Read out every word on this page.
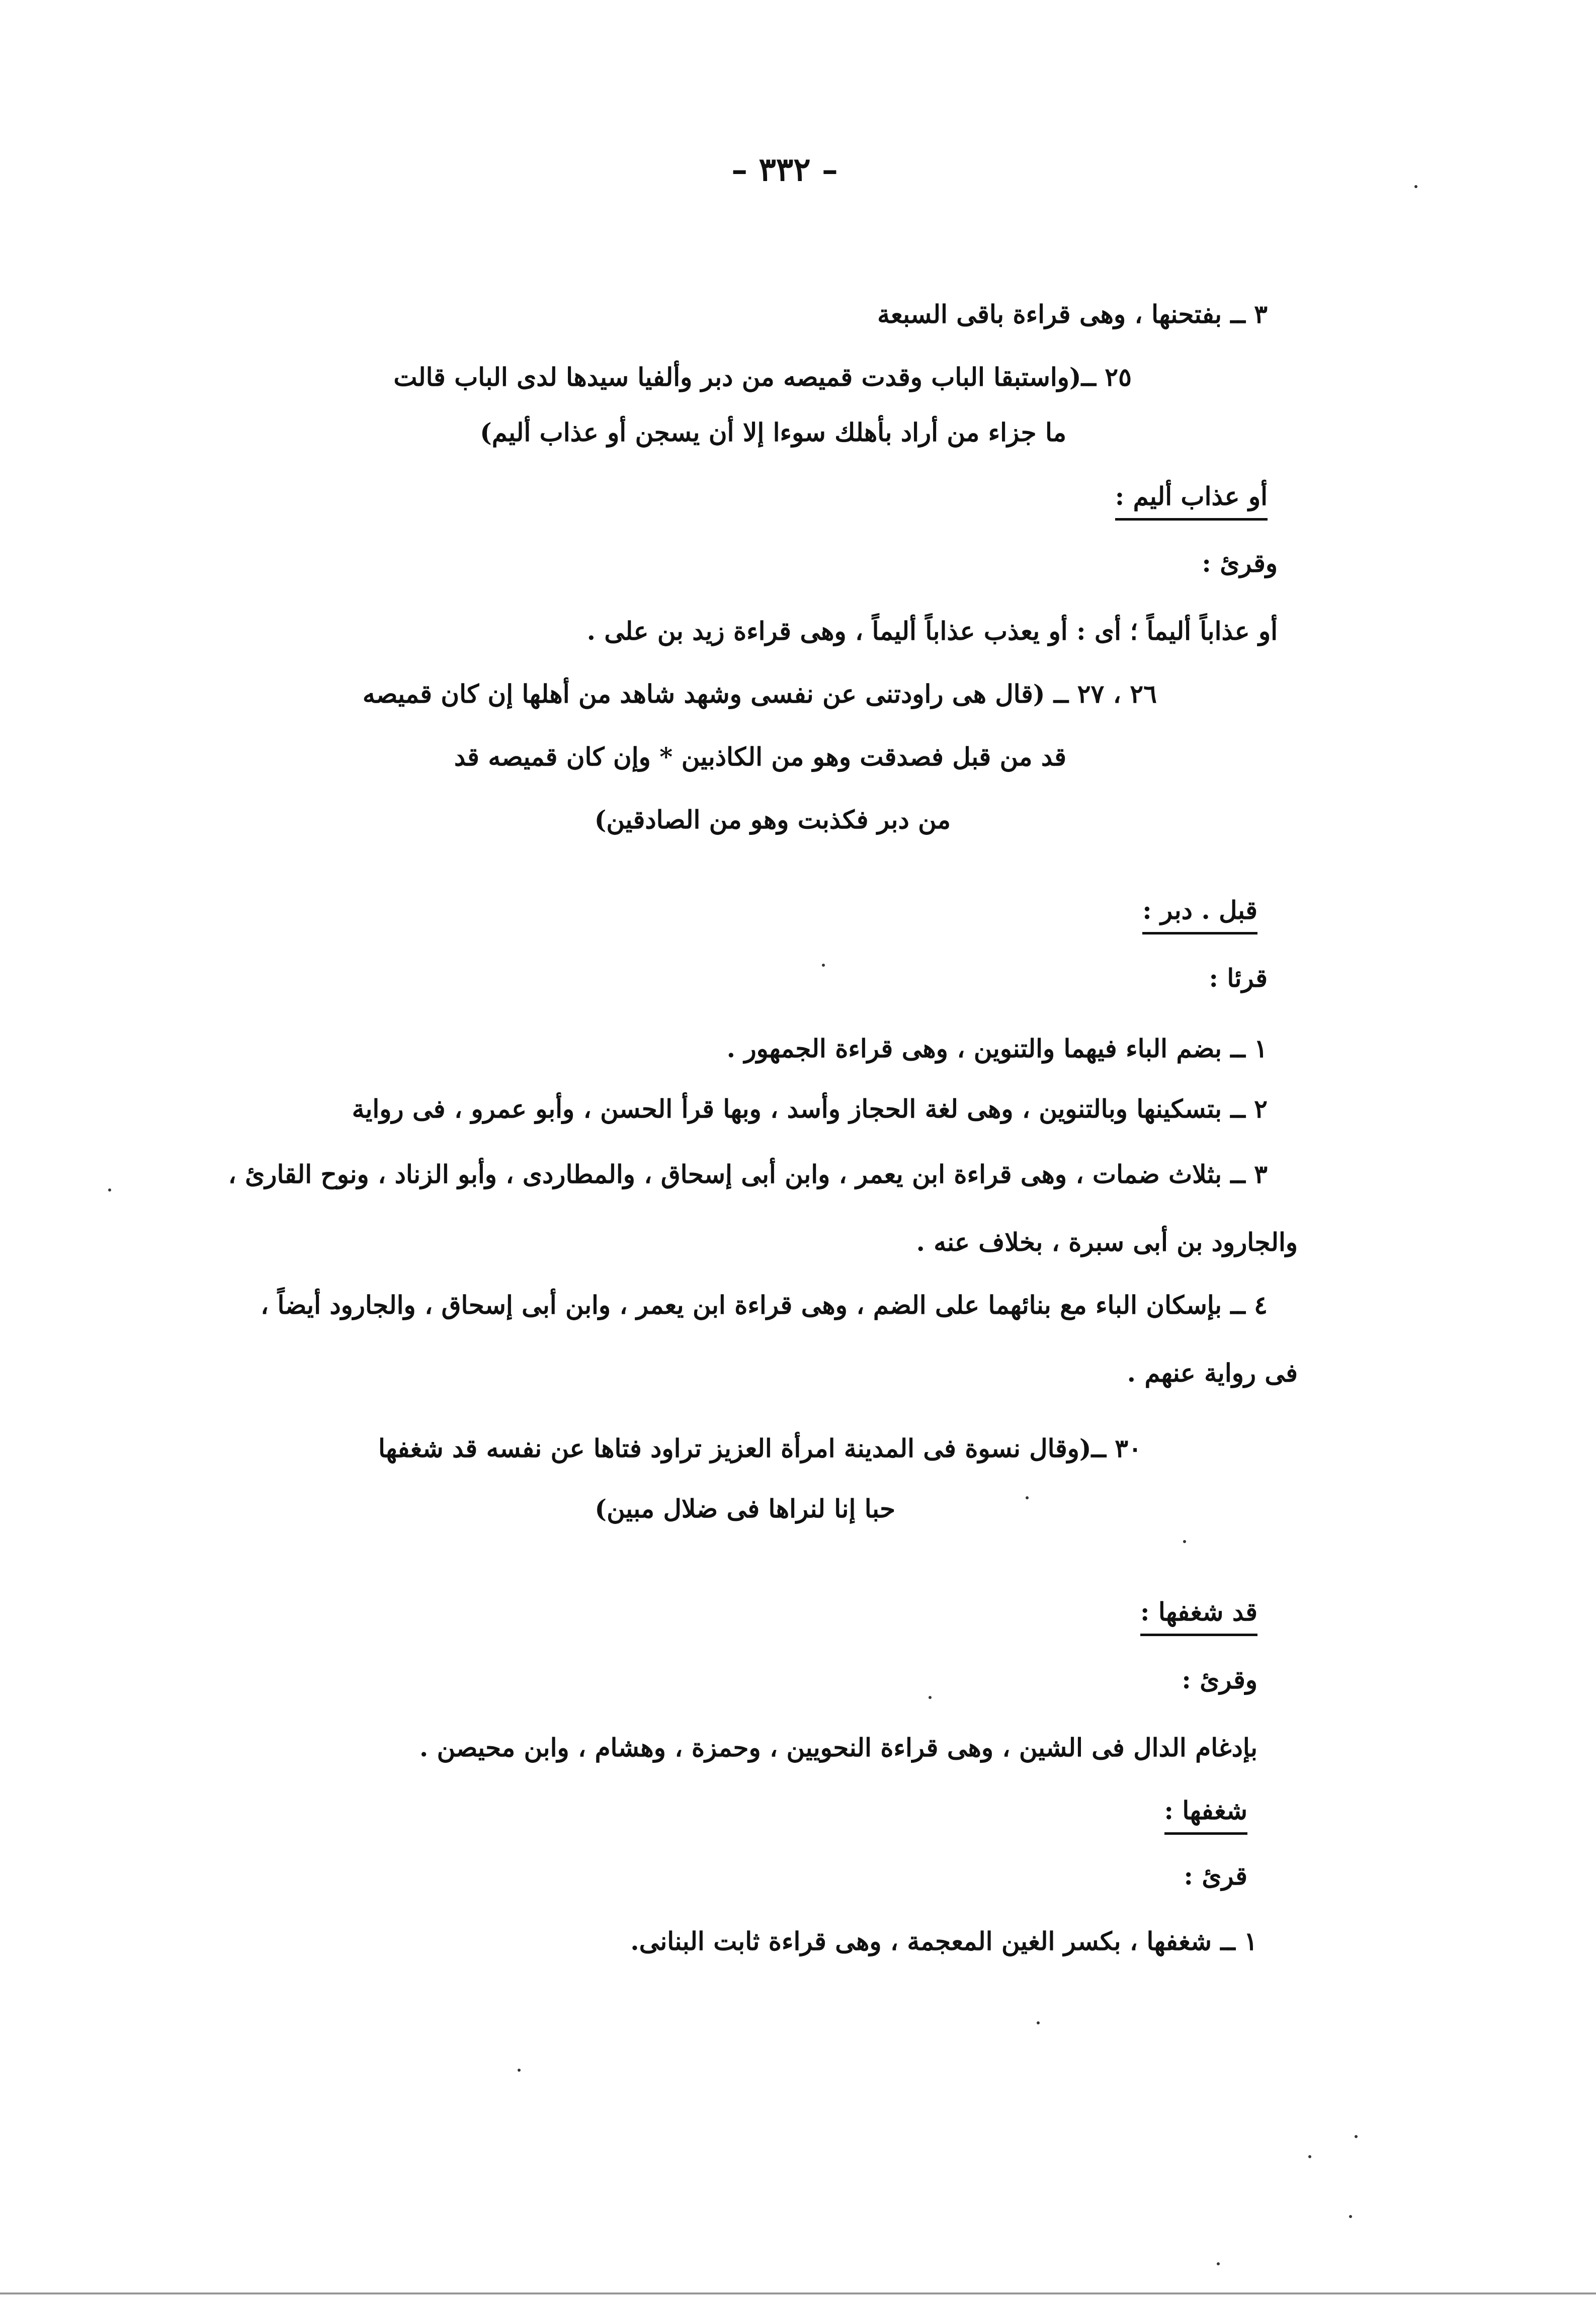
– ٣٣٢ –
٣ ــ بفتحنها ، وهى قراءة باقى السبعة
٢٥ ــ(واستبقا الباب وقدت قميصه من دبر وألفيا سيدها لدى الباب قالت
ما جزاء من أراد بأهلك سوءا إلا أن يسجن أو عذاب أليم)
أو عذاب أليم :
وقرئ :
أو عذاباً أليماً ؛ أى : أو يعذب عذاباً أليماً ، وهى قراءة زيد بن على .
٢٦ ، ٢٧ ــ (قال هى راودتنى عن نفسى وشهد شاهد من أهلها إن كان قميصه
قد من قبل فصدقت وهو من الكاذبين * وإن كان قميصه قد
من دبر فكذبت وهو من الصادقين)
قبل . دبر :
قرئا :
١ ــ بضم الباء فيهما والتنوين ، وهى قراءة الجمهور .
٢ ــ بتسكينها وبالتنوين ، وهى لغة الحجاز وأسد ، وبها قرأ الحسن ، وأبو عمرو ، فى رواية
٣ ــ بثلاث ضمات ، وهى قراءة ابن يعمر ، وابن أبى إسحاق ، والمطاردى ، وأبو الزناد ، ونوح القارئ ،
والجارود بن أبى سبرة ، بخلاف عنه .
٤ ــ بإسكان الباء مع بنائهما على الضم ، وهى قراءة ابن يعمر ، وابن أبى إسحاق ، والجارود أيضاً ،
فى رواية عنهم .
٣٠ ــ(وقال نسوة فى المدينة امرأة العزيز تراود فتاها عن نفسه قد شغفها
حبا إنا لنراها فى ضلال مبين)
قد شغفها :
وقرئ :
بإدغام الدال فى الشين ، وهى قراءة النحويين ، وحمزة ، وهشام ، وابن محيصن .
شغفها :
قرئ :
١ ــ شغفها ، بكسر الغين المعجمة ، وهى قراءة ثابت البنانى.
